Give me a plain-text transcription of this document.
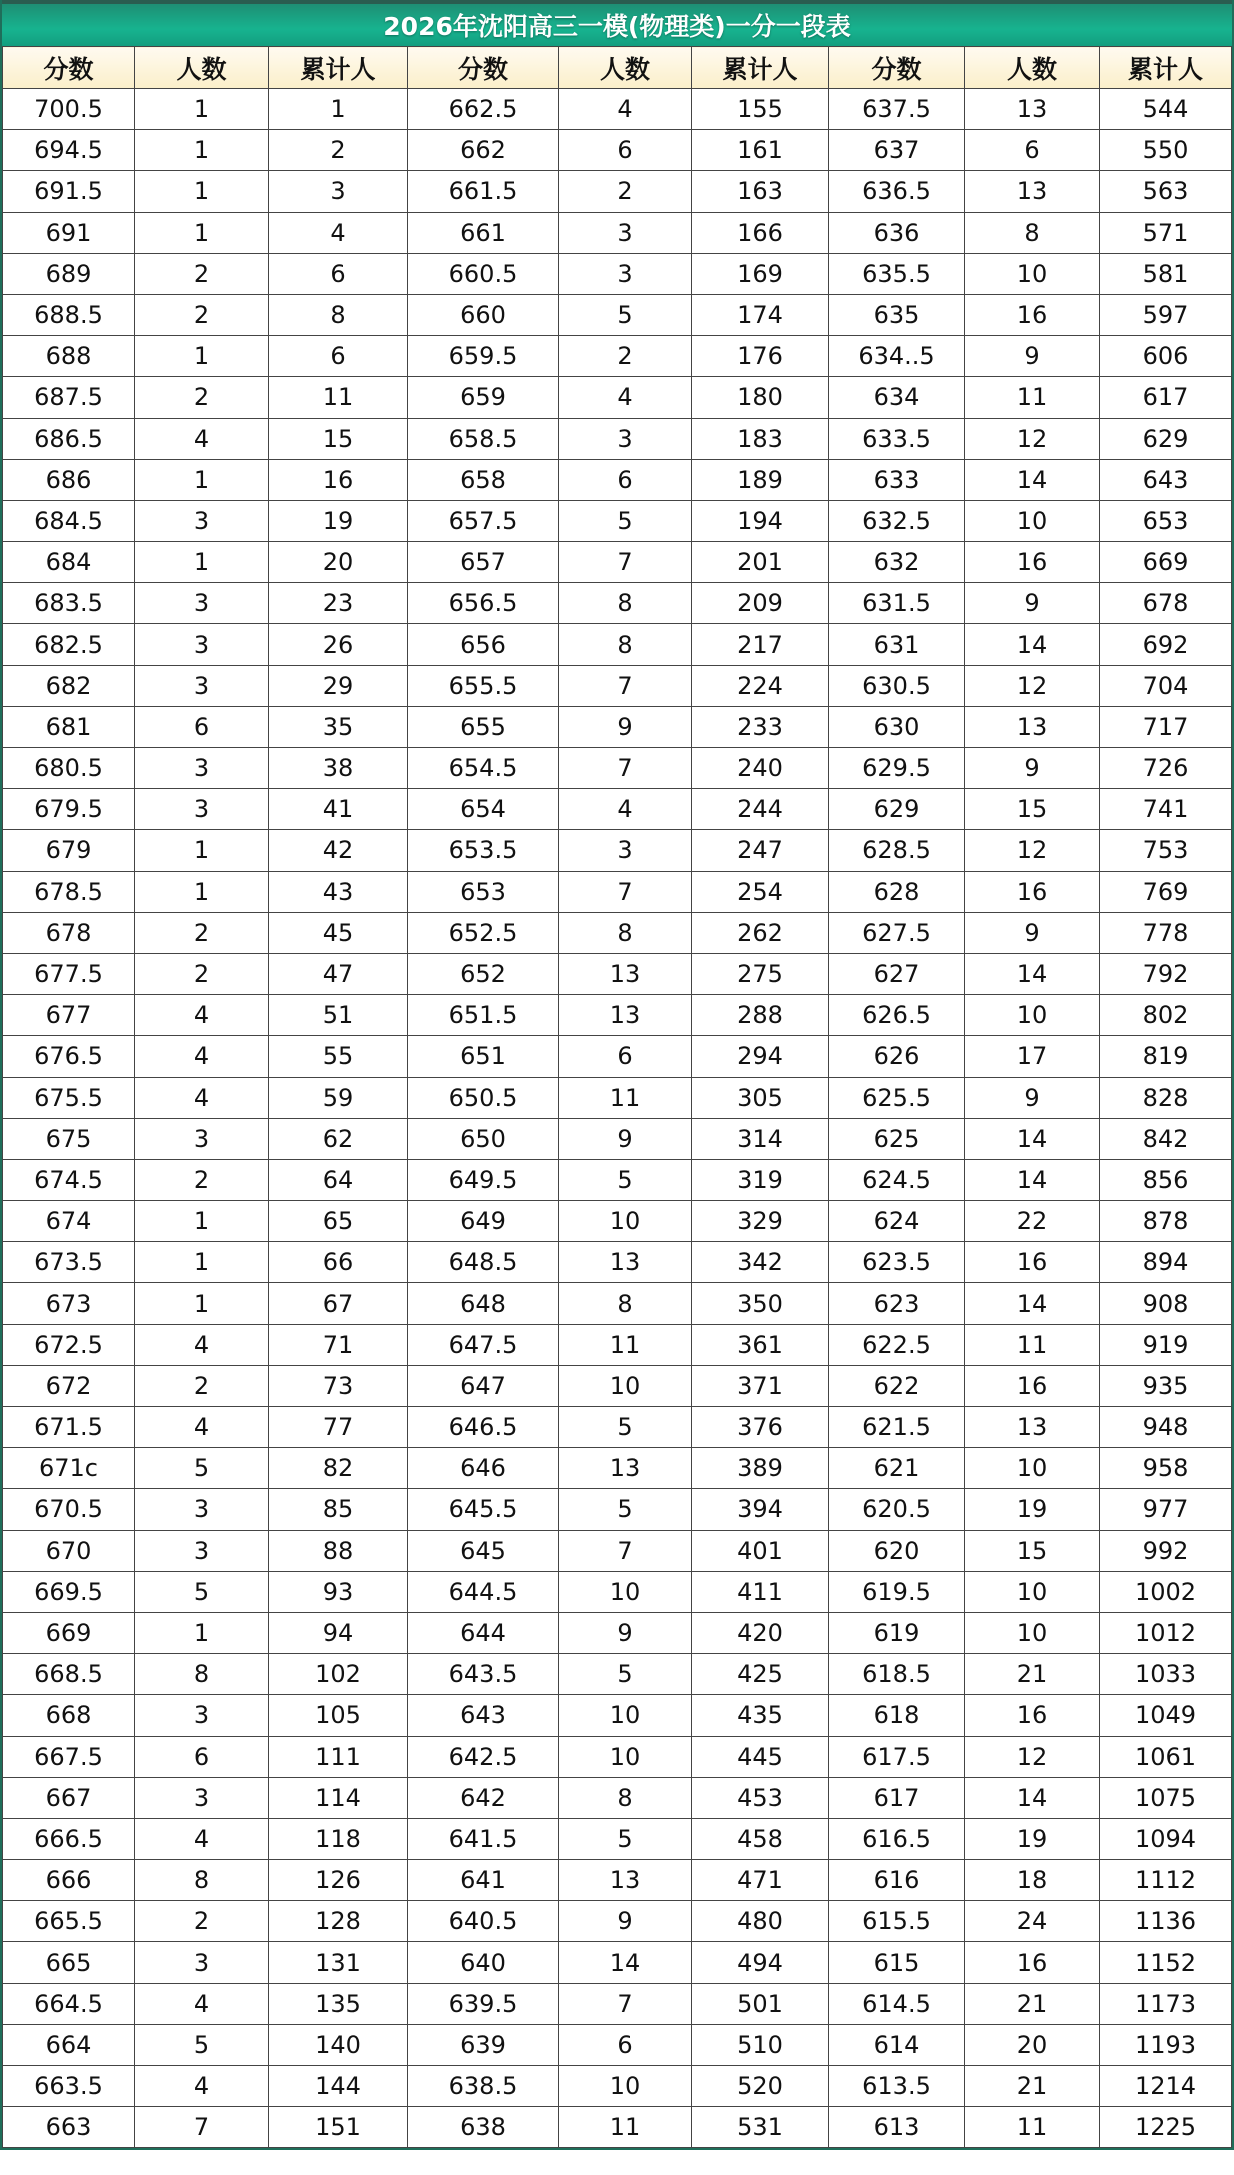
2026年沈阳高三一模(物理类)一分一段表
分数	人数	累计人	分数	人数	累计人	分数	人数	累计人
700.5	1	1	662.5	4	155	637.5	13	544
694.5	1	2	662	6	161	637	6	550
691.5	1	3	661.5	2	163	636.5	13	563
691	1	4	661	3	166	636	8	571
689	2	6	660.5	3	169	635.5	10	581
688.5	2	8	660	5	174	635	16	597
688	1	6	659.5	2	176	634..5	9	606
687.5	2	11	659	4	180	634	11	617
686.5	4	15	658.5	3	183	633.5	12	629
686	1	16	658	6	189	633	14	643
684.5	3	19	657.5	5	194	632.5	10	653
684	1	20	657	7	201	632	16	669
683.5	3	23	656.5	8	209	631.5	9	678
682.5	3	26	656	8	217	631	14	692
682	3	29	655.5	7	224	630.5	12	704
681	6	35	655	9	233	630	13	717
680.5	3	38	654.5	7	240	629.5	9	726
679.5	3	41	654	4	244	629	15	741
679	1	42	653.5	3	247	628.5	12	753
678.5	1	43	653	7	254	628	16	769
678	2	45	652.5	8	262	627.5	9	778
677.5	2	47	652	13	275	627	14	792
677	4	51	651.5	13	288	626.5	10	802
676.5	4	55	651	6	294	626	17	819
675.5	4	59	650.5	11	305	625.5	9	828
675	3	62	650	9	314	625	14	842
674.5	2	64	649.5	5	319	624.5	14	856
674	1	65	649	10	329	624	22	878
673.5	1	66	648.5	13	342	623.5	16	894
673	1	67	648	8	350	623	14	908
672.5	4	71	647.5	11	361	622.5	11	919
672	2	73	647	10	371	622	16	935
671.5	4	77	646.5	5	376	621.5	13	948
671c	5	82	646	13	389	621	10	958
670.5	3	85	645.5	5	394	620.5	19	977
670	3	88	645	7	401	620	15	992
669.5	5	93	644.5	10	411	619.5	10	1002
669	1	94	644	9	420	619	10	1012
668.5	8	102	643.5	5	425	618.5	21	1033
668	3	105	643	10	435	618	16	1049
667.5	6	111	642.5	10	445	617.5	12	1061
667	3	114	642	8	453	617	14	1075
666.5	4	118	641.5	5	458	616.5	19	1094
666	8	126	641	13	471	616	18	1112
665.5	2	128	640.5	9	480	615.5	24	1136
665	3	131	640	14	494	615	16	1152
664.5	4	135	639.5	7	501	614.5	21	1173
664	5	140	639	6	510	614	20	1193
663.5	4	144	638.5	10	520	613.5	21	1214
663	7	151	638	11	531	613	11	1225
